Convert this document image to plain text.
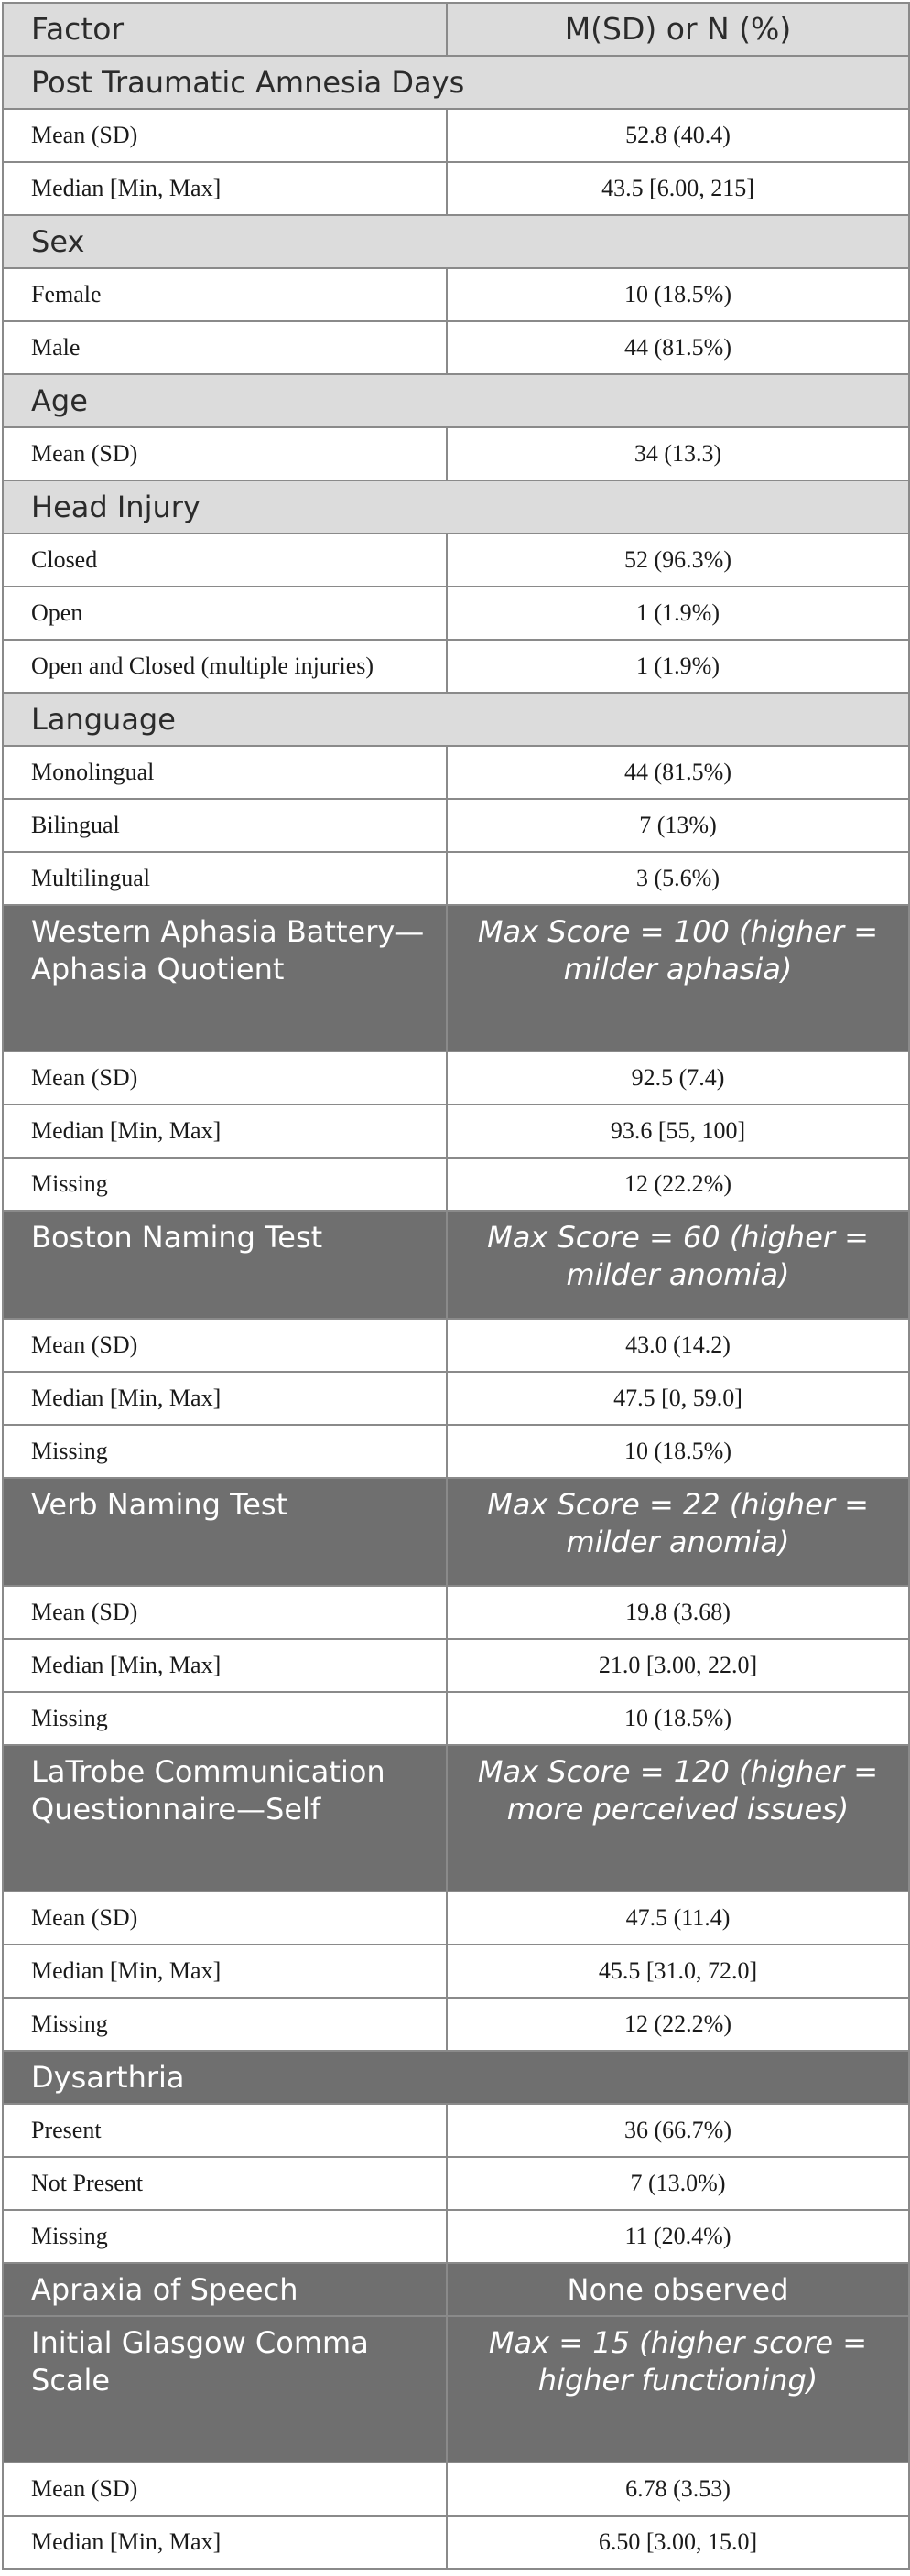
Factor	M(SD) or N (%)
Post Traumatic Amnesia Days	
Mean (SD)	52.8 (40.4)
Median [Min, Max]	43.5 [6.00, 215]
Sex	
Female	10 (18.5%)
Male	44 (81.5%)
Age	
Mean (SD)	34 (13.3)
Head Injury	
Closed	52 (96.3%)
Open	1 (1.9%)
Open and Closed (multiple injuries)	1 (1.9%)
Language	
Monolingual	44 (81.5%)
Bilingual	7 (13%)
Multilingual	3 (5.6%)
Western Aphasia Battery—Aphasia Quotient	Max Score = 100 (higher = milder aphasia)
Mean (SD)	92.5 (7.4)
Median [Min, Max]	93.6 [55, 100]
Missing	12 (22.2%)
Boston Naming Test	Max Score = 60 (higher = milder anomia)
Mean (SD)	43.0 (14.2)
Median [Min, Max]	47.5 [0, 59.0]
Missing	10 (18.5%)
Verb Naming Test	Max Score = 22 (higher = milder anomia)
Mean (SD)	19.8 (3.68)
Median [Min, Max]	21.0 [3.00, 22.0]
Missing	10 (18.5%)
LaTrobe Communication Questionnaire—Self	Max Score = 120 (higher = more perceived issues)
Mean (SD)	47.5 (11.4)
Median [Min, Max]	45.5 [31.0, 72.0]
Missing	12 (22.2%)
Dysarthria	
Present	36 (66.7%)
Not Present	7 (13.0%)
Missing	11 (20.4%)
Apraxia of Speech	None observed
Initial Glasgow Comma Scale	Max = 15 (higher score = higher functioning)
Mean (SD)	6.78 (3.53)
Median [Min, Max]	6.50 [3.00, 15.0]
